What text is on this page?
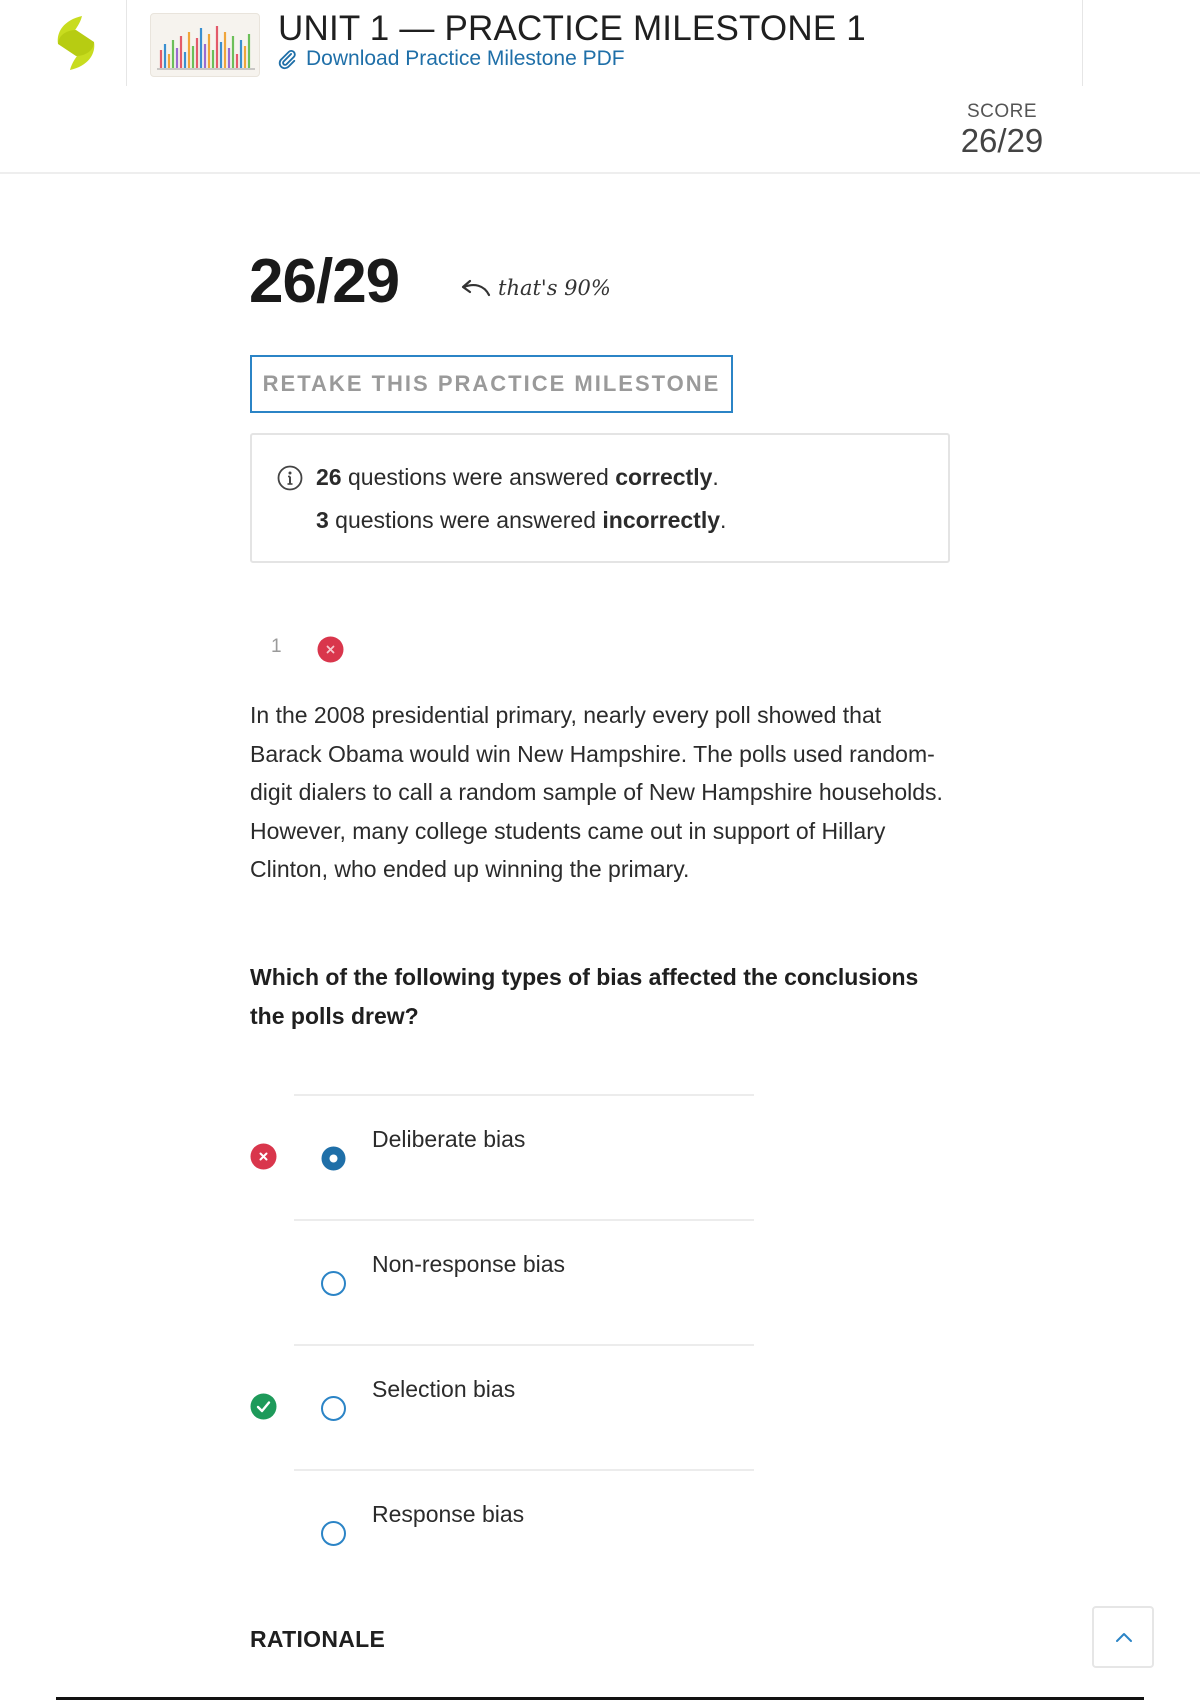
UNIT 1 — PRACTICE MILESTONE 1
Download Practice Milestone PDF
SCORE
26/29
26/29	that's 90%
RETAKE THIS PRACTICE MILESTONE
26 questions were answered correctly.
3 questions were answered incorrectly.
1
In the 2008 presidential primary, nearly every poll showed that Barack Obama would win New Hampshire. The polls used random-digit dialers to call a random sample of New Hampshire households. However, many college students came out in support of Hillary Clinton, who ended up winning the primary.
Which of the following types of bias affected the conclusions the polls drew?
Deliberate bias
Non-response bias
Selection bias
Response bias
RATIONALE
